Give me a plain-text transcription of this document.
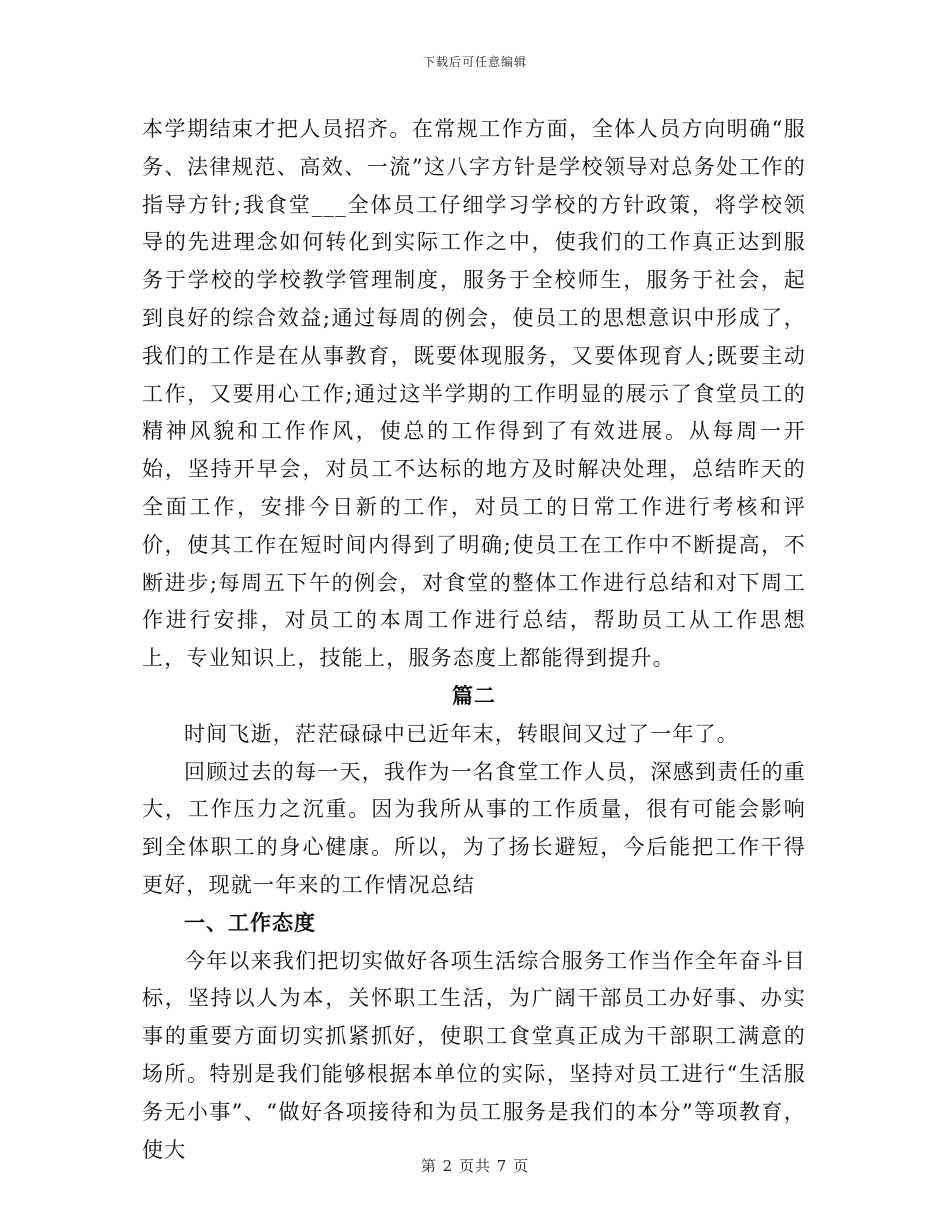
下载后可任意编辑

本学期结束才把人员招齐。在常规工作方面，全体人员方向明确“服务、法律规范、高效、一流”这八字方针是学校领导对总务处工作的指导方针;我食堂___全体员工仔细学习学校的方针政策，将学校领导的先进理念如何转化到实际工作之中，使我们的工作真正达到服务于学校的学校教学管理制度，服务于全校师生，服务于社会，起到良好的综合效益;通过每周的例会，使员工的思想意识中形成了，我们的工作是在从事教育，既要体现服务，又要体现育人;既要主动工作，又要用心工作;通过这半学期的工作明显的展示了食堂员工的精神风貌和工作作风，使总的工作得到了有效进展。从每周一开始，坚持开早会，对员工不达标的地方及时解决处理，总结昨天的全面工作，安排今日新的工作，对员工的日常工作进行考核和评价，使其工作在短时间内得到了明确;使员工在工作中不断提高，不断进步;每周五下午的例会，对食堂的整体工作进行总结和对下周工作进行安排，对员工的本周工作进行总结，帮助员工从工作思想上，专业知识上，技能上，服务态度上都能得到提升。

篇二

时间飞逝，茫茫碌碌中已近年末，转眼间又过了一年了。

回顾过去的每一天，我作为一名食堂工作人员，深感到责任的重大，工作压力之沉重。因为我所从事的工作质量，很有可能会影响到全体职工的身心健康。所以，为了扬长避短，今后能把工作干得更好，现就一年来的工作情况总结

一、工作态度

今年以来我们把切实做好各项生活综合服务工作当作全年奋斗目标，坚持以人为本，关怀职工生活，为广阔干部员工办好事、办实事的重要方面切实抓紧抓好，使职工食堂真正成为干部职工满意的场所。特别是我们能够根据本单位的实际，坚持对员工进行“生活服务无小事”、“做好各项接待和为员工服务是我们的本分”等项教育，使大

第 2 页共 7 页
